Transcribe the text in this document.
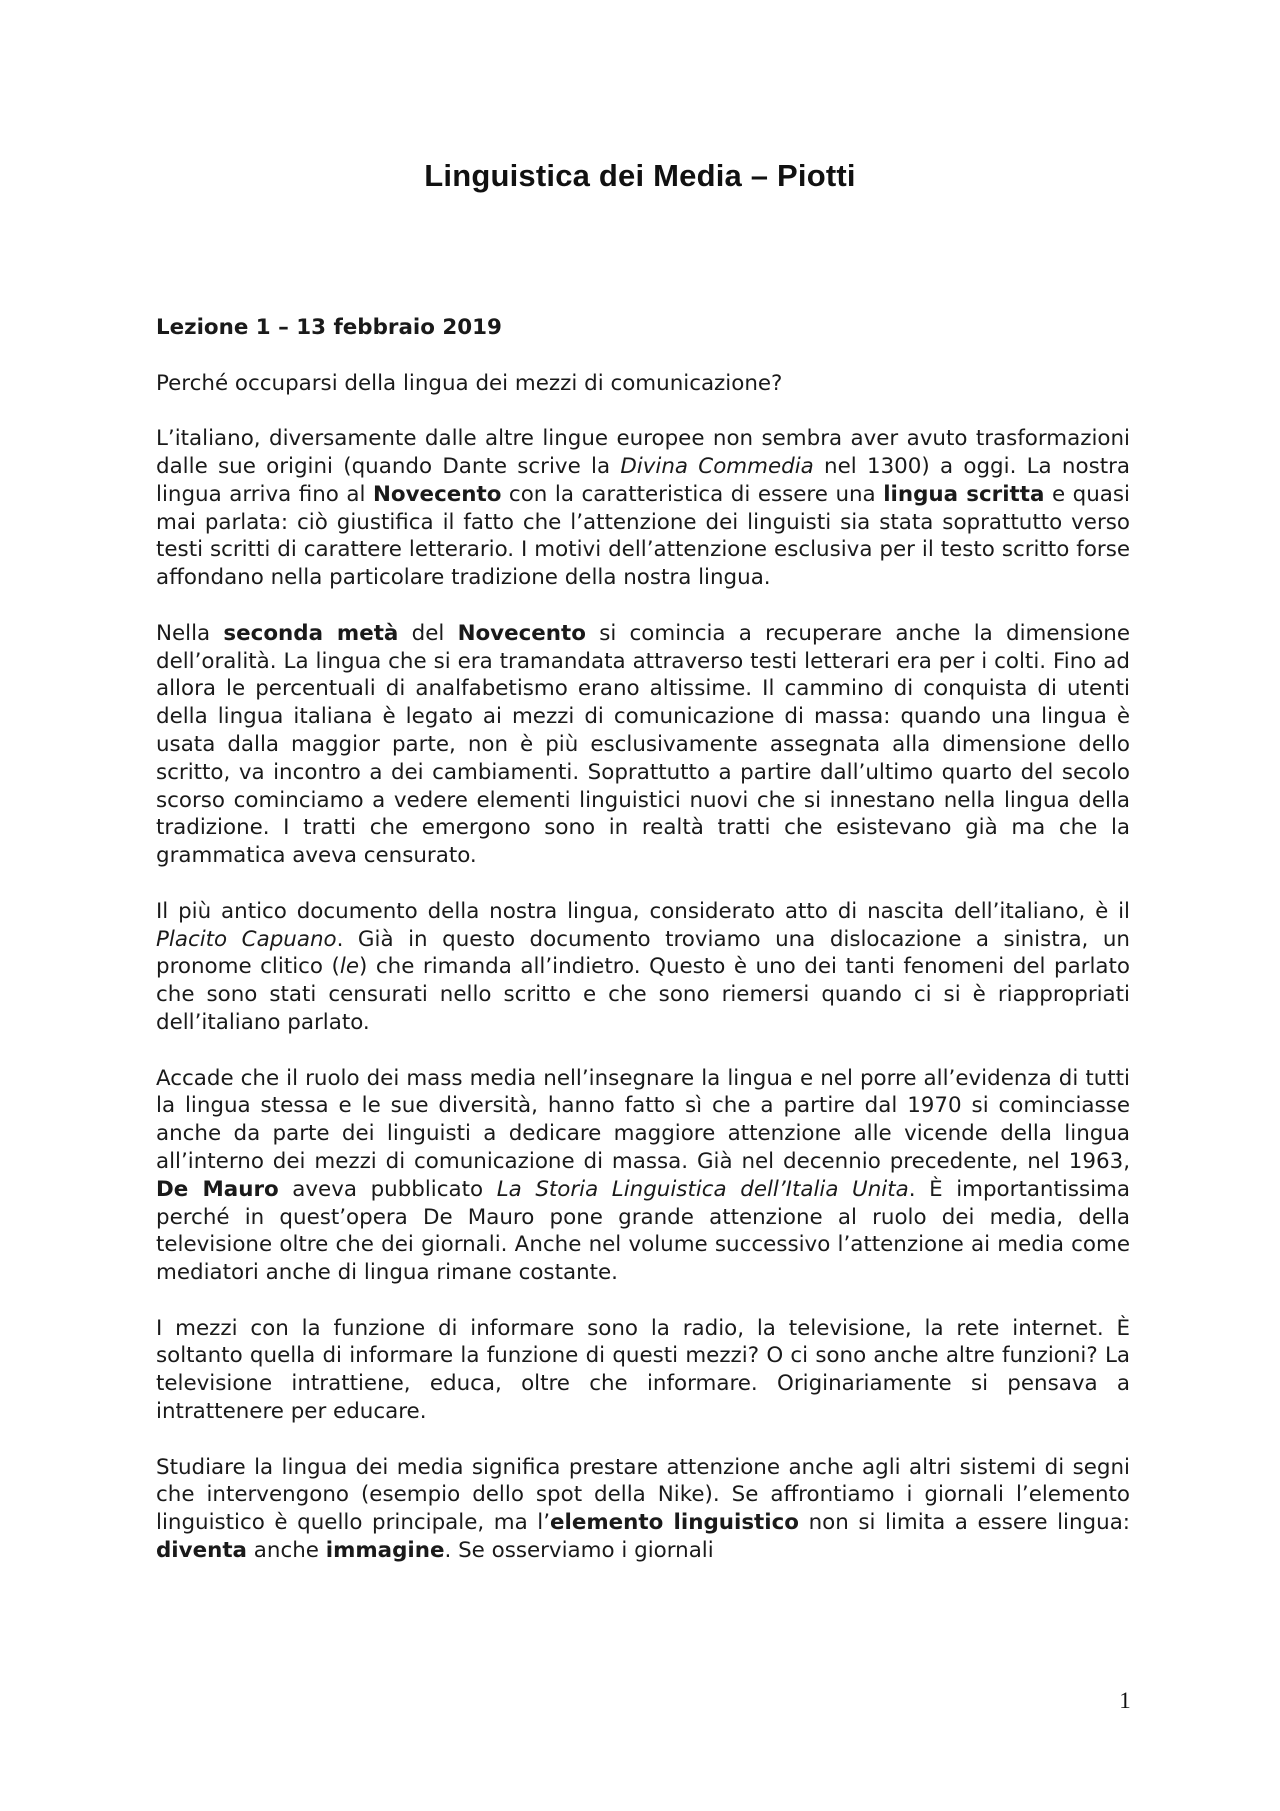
Linguistica dei Media – Piotti
Lezione 1 – 13 febbraio 2019

Perché occuparsi della lingua dei mezzi di comunicazione?

L’italiano, diversamente dalle altre lingue europee non sembra aver avuto trasformazioni dalle sue origini (quando Dante scrive la Divina Commedia nel 1300) a oggi. La nostra lingua arriva fino al Novecento con la caratteristica di essere una lingua scritta e quasi mai parlata: ciò giustifica il fatto che l’attenzione dei linguisti sia stata soprattutto verso testi scritti di carattere letterario. I motivi dell’attenzione esclusiva per il testo scritto forse affondano nella particolare tradizione della nostra lingua.

Nella seconda metà del Novecento si comincia a recuperare anche la dimensione dell’oralità. La lingua che si era tramandata attraverso testi letterari era per i colti. Fino ad allora le percentuali di analfabetismo erano altissime. Il cammino di conquista di utenti della lingua italiana è legato ai mezzi di comunicazione di massa: quando una lingua è usata dalla maggior parte, non è più esclusivamente assegnata alla dimensione dello scritto, va incontro a dei cambiamenti. Soprattutto a partire dall’ultimo quarto del secolo scorso cominciamo a vedere elementi linguistici nuovi che si innestano nella lingua della tradizione. I tratti che emergono sono in realtà tratti che esistevano già ma che la grammatica aveva censurato.

Il più antico documento della nostra lingua, considerato atto di nascita dell’italiano, è il Placito Capuano. Già in questo documento troviamo una dislocazione a sinistra, un pronome clitico (le) che rimanda all’indietro. Questo è uno dei tanti fenomeni del parlato che sono stati censurati nello scritto e che sono riemersi quando ci si è riappropriati dell’italiano parlato.

Accade che il ruolo dei mass media nell’insegnare la lingua e nel porre all’evidenza di tutti la lingua stessa e le sue diversità, hanno fatto sì che a partire dal 1970 si cominciasse anche da parte dei linguisti a dedicare maggiore attenzione alle vicende della lingua all’interno dei mezzi di comunicazione di massa. Già nel decennio precedente, nel 1963, De Mauro aveva pubblicato La Storia Linguistica dell’Italia Unita. È importantissima perché in quest’opera De Mauro pone grande attenzione al ruolo dei media, della televisione oltre che dei giornali. Anche nel volume successivo l’attenzione ai media come mediatori anche di lingua rimane costante.

I mezzi con la funzione di informare sono la radio, la televisione, la rete internet. È soltanto quella di informare la funzione di questi mezzi? O ci sono anche altre funzioni? La televisione intrattiene, educa, oltre che informare. Originariamente si pensava a intrattenere per educare.

Studiare la lingua dei media significa prestare attenzione anche agli altri sistemi di segni che intervengono (esempio dello spot della Nike). Se affrontiamo i giornali l’elemento linguistico è quello principale, ma l’elemento linguistico non si limita a essere lingua: diventa anche immagine. Se osserviamo i giornali

1
